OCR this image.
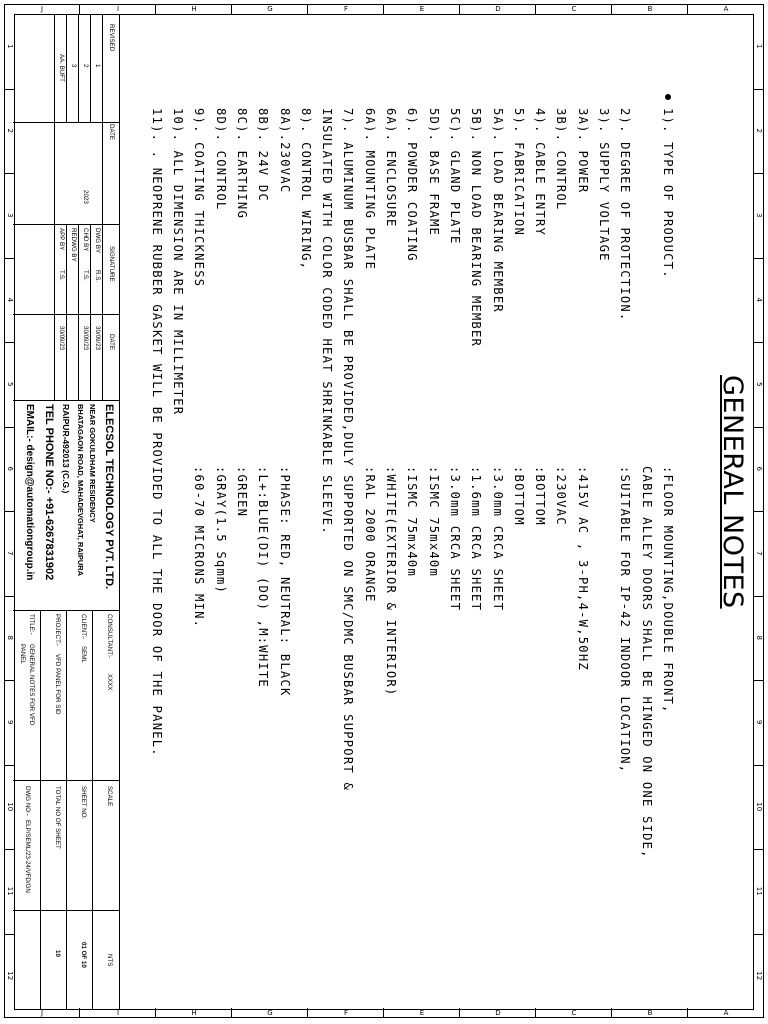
1
1
2
2
3
3
4
4
5
5
6
6
7
7
8
8
9
9
10
10
11
11
12
12
A
A
B
B
C
C
D
D
E
E
F
F
G
G
H
H
I
I
J
J
GENERAL NOTES
1). TYPE OF PRODUCT.
:FLOOR MOUNTING,DOUBLE FRONT,
CABLE ALLEY DOORS SHALL BE HINGED ON ONE SIDE,
2). DEGREE OF PROTECTION.
:SUITABLE FOR IP-42 INDOOR LOCATION,
3). SUPPLY VOLTAGE
3A). POWER
:415V AC , 3-PH,4-W,50HZ
3B). CONTROL
:230VAC
4). CABLE ENTRY
:BOTTOM
5). FABRICATION
:BOTTOM
5A). LOAD BEARING MEMBER
:3.0mm CRCA SHEET
5B). NON LOAD BEARING MEMBER
:1.6mm CRCA SHEET
5C). GLAND PLATE
:3.0mm CRCA SHEET
5D). BASE FRAME
:ISMC 75mx40m
6). POWDER COATING
:ISMC 75mx40m
6A). ENCLOSURE
:WHITE(EXTERIOR & INTERIOR)
6A). MOUNTING PLATE
:RAL 2000 ORANGE
7). ALUMINUM BUSBAR SHALL BE PROVIDED,DULY SUPPORTED ON SMC/DMC BUSBAR SUPPORT &
INSULATED WITH COLOR CODED HEAT SHRINKABLE SLEEVE.
8). CONTROL WIRING,
8A).230VAC
:PHASE: RED, NEUTRAL: BLACK
8B). 24V DC
:L+:BLUE(DI) (DO) ,M:WHITE
8C). EARTHING
:GREEN
8D). CONTROL
:GRAY(1.5 Sqmm)
9). COATING THICKNESS
:60-70 MICRONS MIN.
10). ALL DIMENSION ARE IN MILLIMETER
11). . NEOPRENE RUBBER GASKET WILL BE PROVIDED TO ALL THE DOOR OF THE PANEL.
REVISED
DATE
SIGNATURE
DATE
1
2
3
AA. BUFT
2023
DWG BY
R.S.
30/09/23
CHD BY
T.S.
30/09/23
REDWG BY
APP BY
T.S.
30/09/23
ELECSOL TECHNOLOGY PVT. LTD.
NEAR GOKULDHAM RESIDENCY
BHATAGAON ROAD, MAHADEVGHAT, RAIPURA
RAIPUR-492013 (C.G.)
TEL PHONE NO:- +91-6267831902
EMAIL:- design@automationgroup.in
CONSULTANT:-
XXXX
CLIENT:-
SEML
PROJECT:-
VFD PANEL FOR SID
TITLE:-
GENERAL NOTES FOR VFD
PANEL
SCALE
NTS
SHEET NO.
01 OF 10
TOTAL NO OF SHEET
10
DWG NO:-
ELP/SEML/23-24/VFD/GN
